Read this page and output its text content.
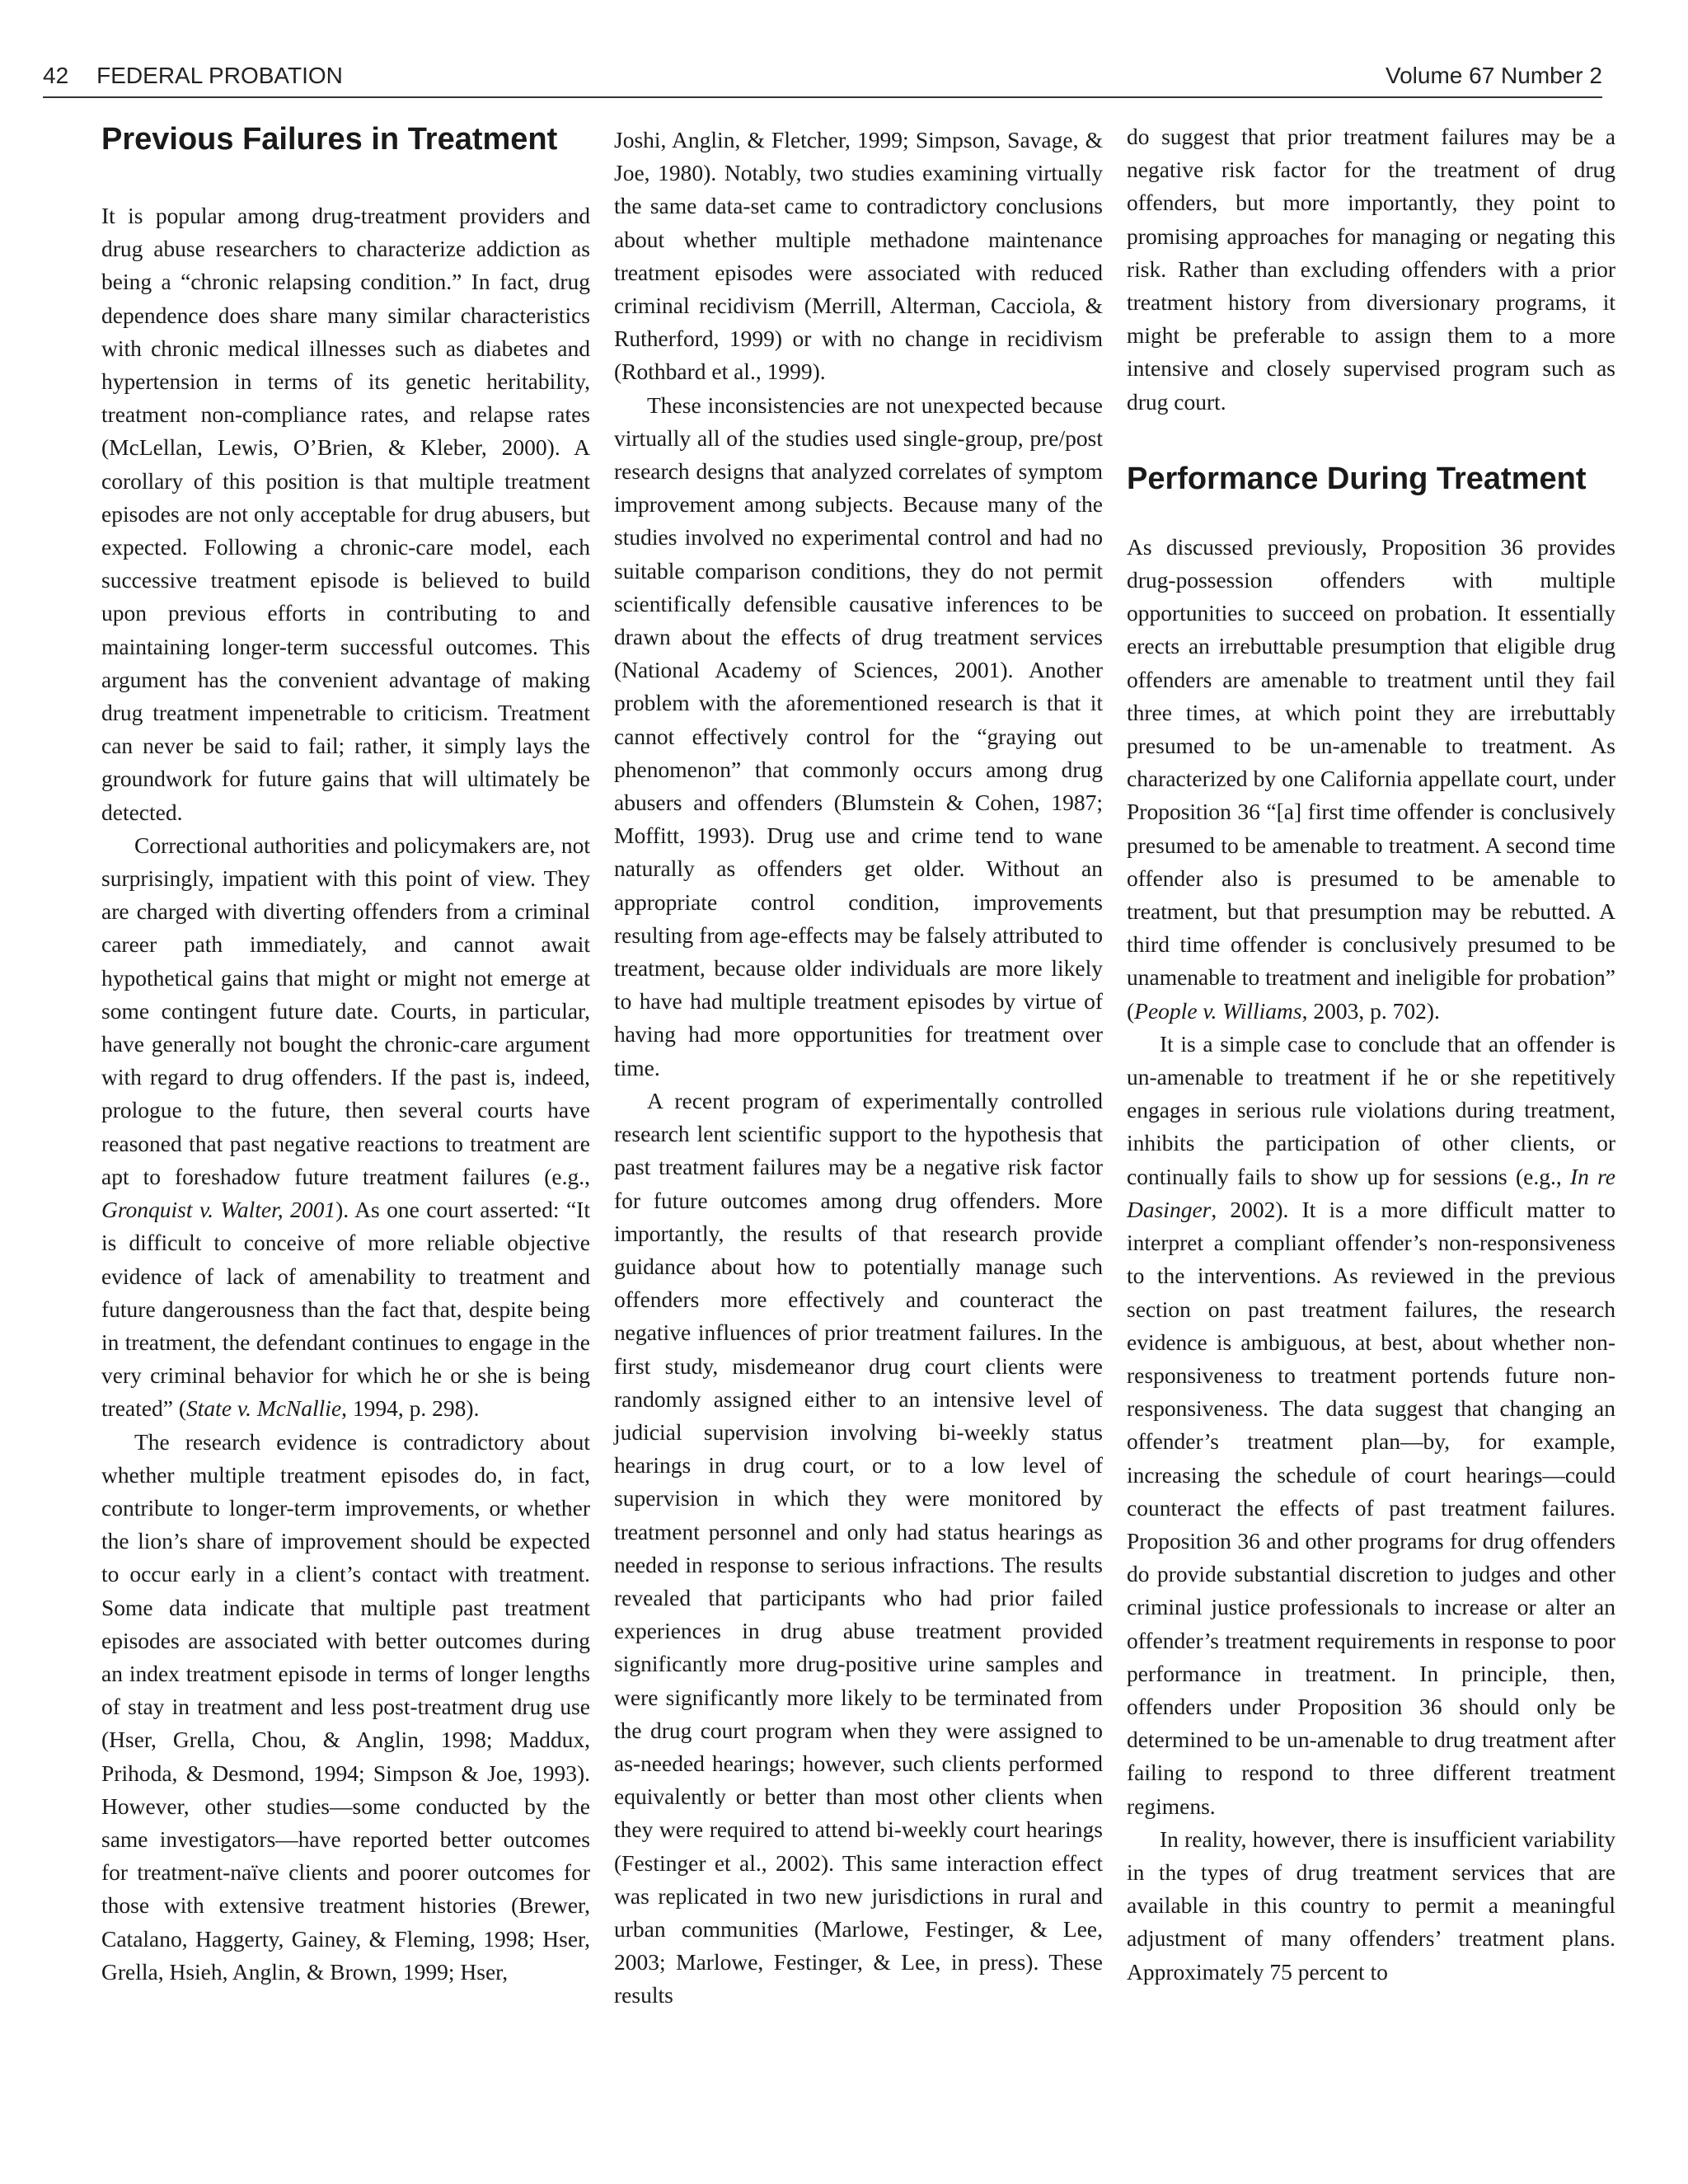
42 FEDERAL PROBATION	Volume 67 Number 2
Previous Failures in Treatment

It is popular among drug-treatment providers and drug abuse researchers to characterize addiction as being a “chronic relapsing condition.” In fact, drug dependence does share many similar characteristics with chronic medical illnesses such as diabetes and hypertension in terms of its genetic heritability, treatment non-compliance rates, and relapse rates (McLellan, Lewis, O’Brien, & Kleber, 2000). A corollary of this position is that multiple treatment episodes are not only acceptable for drug abusers, but expected. Following a chronic-care model, each successive treatment episode is believed to build upon previous efforts in contributing to and maintaining longer-term successful outcomes. This argument has the convenient advantage of making drug treatment impenetrable to criticism. Treatment can never be said to fail; rather, it simply lays the groundwork for future gains that will ultimately be detected.

Correctional authorities and policymakers are, not surprisingly, impatient with this point of view. They are charged with diverting offenders from a criminal career path immediately, and cannot await hypothetical gains that might or might not emerge at some contingent future date. Courts, in particular, have generally not bought the chronic-care argument with regard to drug offenders. If the past is, indeed, prologue to the future, then several courts have reasoned that past negative reactions to treatment are apt to foreshadow future treatment failures (e.g., Gronquist v. Walter, 2001). As one court asserted: “It is difficult to conceive of more reliable objective evidence of lack of amenability to treatment and future dangerousness than the fact that, despite being in treatment, the defendant continues to engage in the very criminal behavior for which he or she is being treated” (State v. McNallie, 1994, p. 298).

The research evidence is contradictory about whether multiple treatment episodes do, in fact, contribute to longer-term improvements, or whether the lion’s share of improvement should be expected to occur early in a client’s contact with treatment. Some data indicate that multiple past treatment episodes are associated with better outcomes during an index treatment episode in terms of longer lengths of stay in treatment and less post-treatment drug use (Hser, Grella, Chou, & Anglin, 1998; Maddux, Prihoda, & Desmond, 1994; Simpson & Joe, 1993). However, other studies—some conducted by the same investigators—have reported better outcomes for treatment-naïve clients and poorer outcomes for those with extensive treatment histories (Brewer, Catalano, Haggerty, Gainey, & Fleming, 1998; Hser, Grella, Hsieh, Anglin, & Brown, 1999; Hser,

Joshi, Anglin, & Fletcher, 1999; Simpson, Savage, & Joe, 1980). Notably, two studies examining virtually the same data-set came to contradictory conclusions about whether multiple methadone maintenance treatment episodes were associated with reduced criminal recidivism (Merrill, Alterman, Cacciola, & Rutherford, 1999) or with no change in recidivism (Rothbard et al., 1999).

These inconsistencies are not unexpected because virtually all of the studies used single-group, pre/post research designs that analyzed correlates of symptom improvement among subjects. Because many of the studies involved no experimental control and had no suitable comparison conditions, they do not permit scientifically defensible causative inferences to be drawn about the effects of drug treatment services (National Academy of Sciences, 2001). Another problem with the aforementioned research is that it cannot effectively control for the “graying out phenomenon” that commonly occurs among drug abusers and offenders (Blumstein & Cohen, 1987; Moffitt, 1993). Drug use and crime tend to wane naturally as offenders get older. Without an appropriate control condition, improvements resulting from age-effects may be falsely attributed to treatment, because older individuals are more likely to have had multiple treatment episodes by virtue of having had more opportunities for treatment over time.

A recent program of experimentally controlled research lent scientific support to the hypothesis that past treatment failures may be a negative risk factor for future outcomes among drug offenders. More importantly, the results of that research provide guidance about how to potentially manage such offenders more effectively and counteract the negative influences of prior treatment failures. In the first study, misdemeanor drug court clients were randomly assigned either to an intensive level of judicial supervision involving bi-weekly status hearings in drug court, or to a low level of supervision in which they were monitored by treatment personnel and only had status hearings as needed in response to serious infractions. The results revealed that participants who had prior failed experiences in drug abuse treatment provided significantly more drug-positive urine samples and were significantly more likely to be terminated from the drug court program when they were assigned to as-needed hearings; however, such clients performed equivalently or better than most other clients when they were required to attend bi-weekly court hearings (Festinger et al., 2002). This same interaction effect was replicated in two new jurisdictions in rural and urban communities (Marlowe, Festinger, & Lee, 2003; Marlowe, Festinger, & Lee, in press). These results

do suggest that prior treatment failures may be a negative risk factor for the treatment of drug offenders, but more importantly, they point to promising approaches for managing or negating this risk. Rather than excluding offenders with a prior treatment history from diversionary programs, it might be preferable to assign them to a more intensive and closely supervised program such as drug court.

Performance During Treatment

As discussed previously, Proposition 36 provides drug-possession offenders with multiple opportunities to succeed on probation. It essentially erects an irrebuttable presumption that eligible drug offenders are amenable to treatment until they fail three times, at which point they are irrebuttably presumed to be un-amenable to treatment. As characterized by one California appellate court, under Proposition 36 “[a] first time offender is conclusively presumed to be amenable to treatment. A second time offender also is presumed to be amenable to treatment, but that presumption may be rebutted. A third time offender is conclusively presumed to be unamenable to treatment and ineligible for probation” (People v. Williams, 2003, p. 702).

It is a simple case to conclude that an offender is un-amenable to treatment if he or she repetitively engages in serious rule violations during treatment, inhibits the participation of other clients, or continually fails to show up for sessions (e.g., In re Dasinger, 2002). It is a more difficult matter to interpret a compliant offender’s non-responsiveness to the interventions. As reviewed in the previous section on past treatment failures, the research evidence is ambiguous, at best, about whether non-responsiveness to treatment portends future non-responsiveness. The data suggest that changing an offender’s treatment plan—by, for example, increasing the schedule of court hearings—could counteract the effects of past treatment failures. Proposition 36 and other programs for drug offenders do provide substantial discretion to judges and other criminal justice professionals to increase or alter an offender’s treatment requirements in response to poor performance in treatment. In principle, then, offenders under Proposition 36 should only be determined to be un-amenable to drug treatment after failing to respond to three different treatment regimens.

In reality, however, there is insufficient variability in the types of drug treatment services that are available in this country to permit a meaningful adjustment of many offenders’ treatment plans. Approximately 75 percent to
